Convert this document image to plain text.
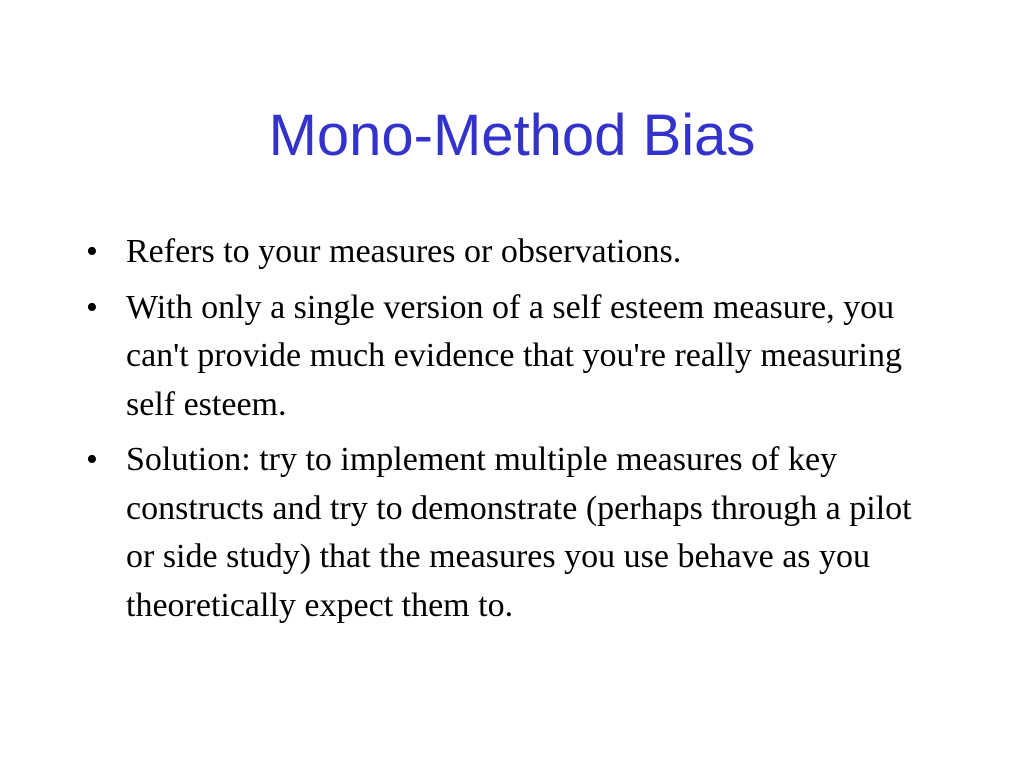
Mono-Method Bias
• Refers to your measures or observations.
• With only a single version of a self esteem measure, you can't provide much evidence that you're really measuring self esteem.
• Solution: try to implement multiple measures of key constructs and try to demonstrate (perhaps through a pilot or side study) that the measures you use behave as you theoretically expect them to.
